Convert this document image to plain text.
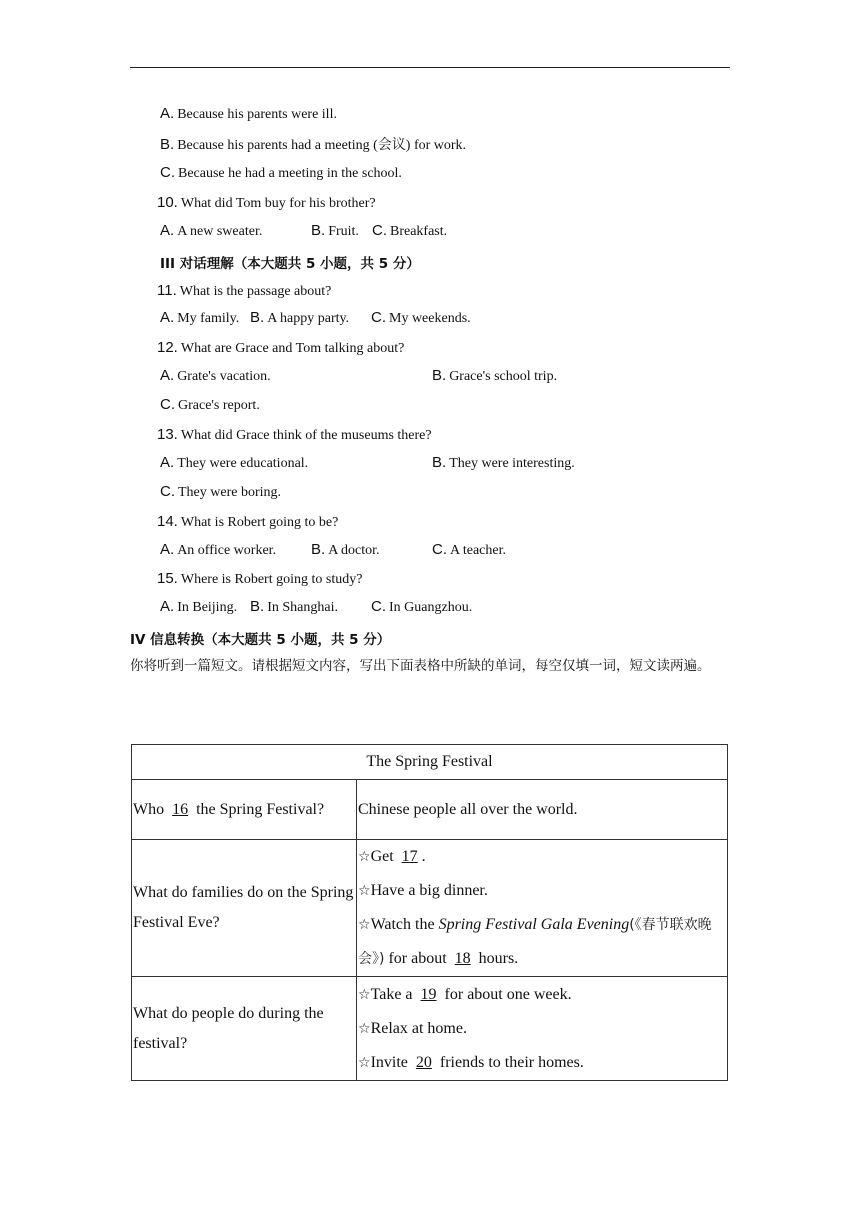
A. Because his parents were ill.
B. Because his parents had a meeting (会议) for work.
C. Because he had a meeting in the school.
10. What did Tom buy for his brother?
A. A new sweater.	B. Fruit. C. Breakfast.
III 对话理解（本大题共 5 小题，共 5 分）
11. What is the passage about?
A. My family. B. A happy party. C. My weekends.
12. What are Grace and Tom talking about?
A. Grate's vacation.	B. Grace's school trip.
C. Grace's report.
13. What did Grace think of the museums there?
A. They were educational.	B. They were interesting.
C. They were boring.
14. What is Robert going to be?
A. An office worker. B. A doctor.	C. A teacher.
15. Where is Robert going to study?
A. In Beijing. B. In Shanghai. C. In Guangzhou.
IV 信息转换（本大题共 5 小题，共 5 分）
你将听到一篇短文。请根据短文内容，写出下面表格中所缺的单词，每空仅填一词，短文读两遍。
The Spring Festival	
Who 16 the Spring Festival?	Chinese people all over the world.
What do families do on the Spring Festival Eve?	☆Get 17 .
☆Have a big dinner.
☆Watch the Spring Festival Gala Evening(《春节联欢晚会》) for about 18 hours.

What do people do during the festival?	☆Take a 19 for about one week.
☆Relax at home.
☆Invite 20 friends to their homes.
